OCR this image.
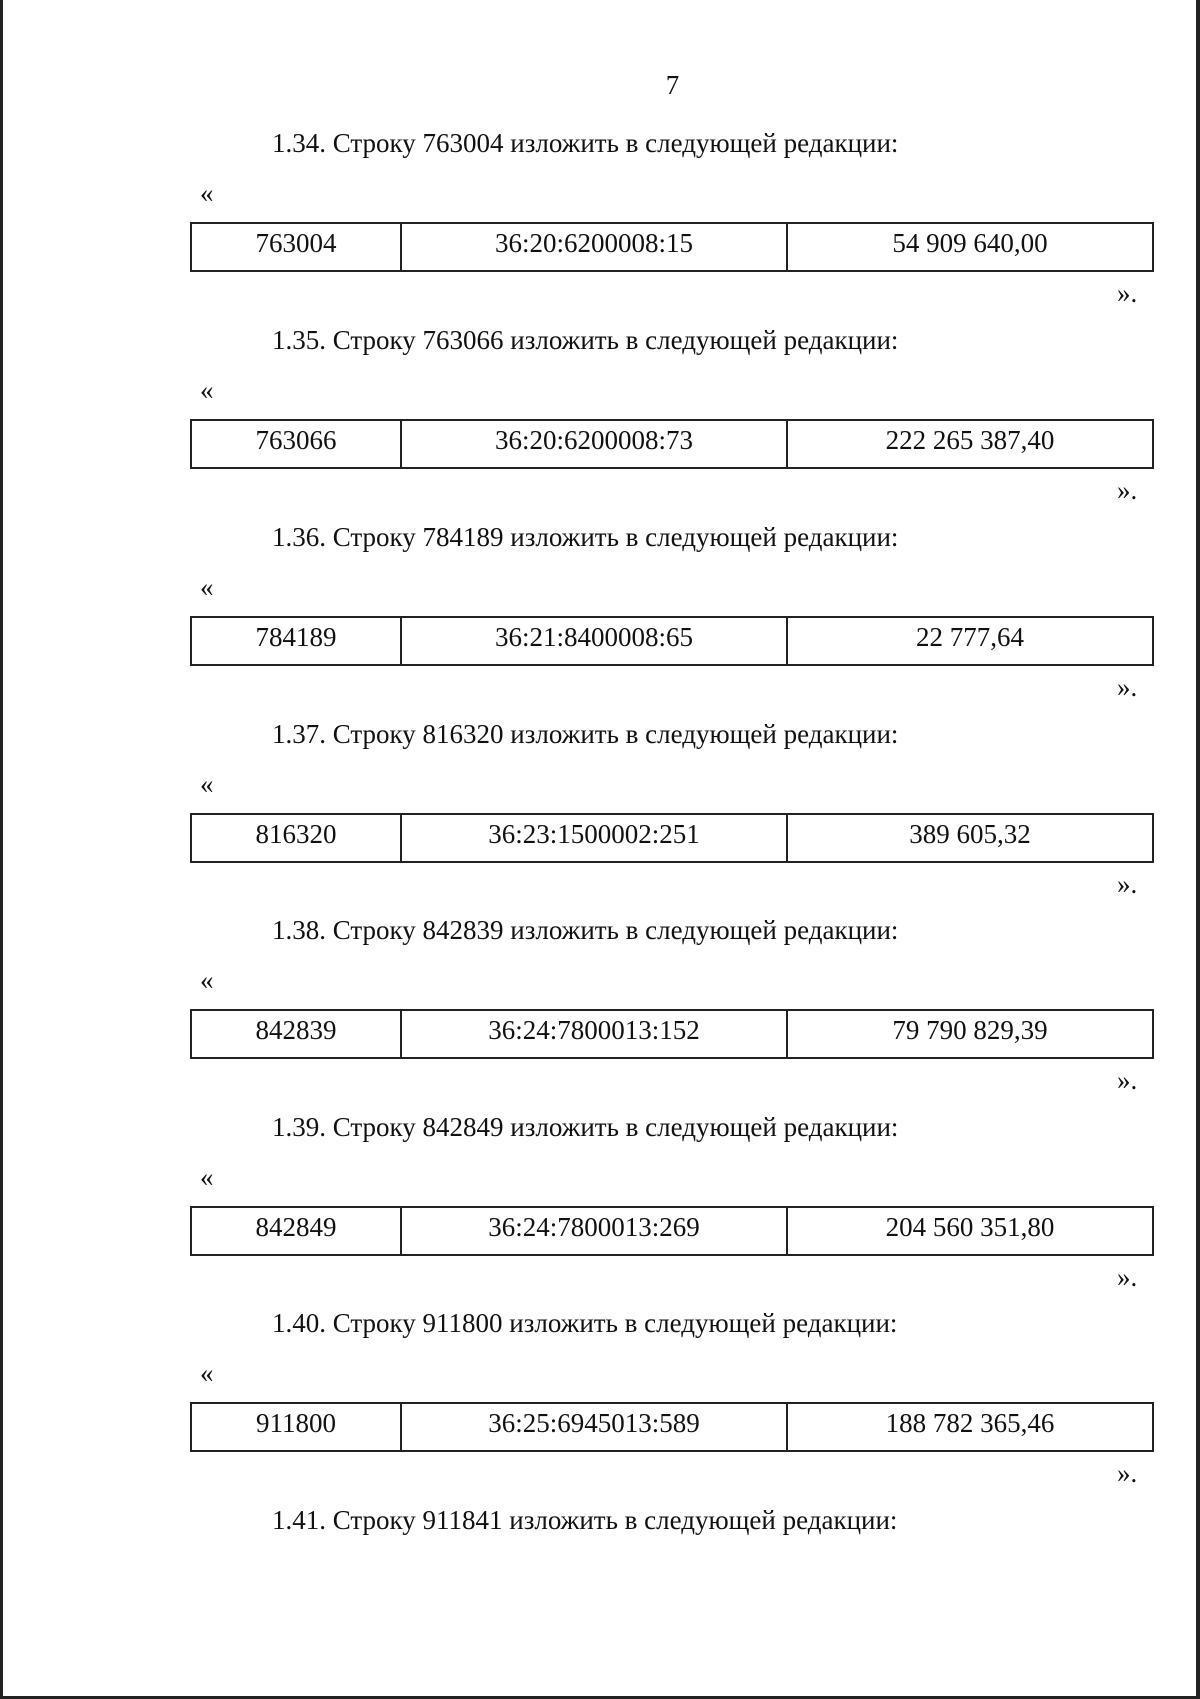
7
1.34. Строку 763004 изложить в следующей редакции:
«
763004	36:20:6200008:15	54 909 640,00
».
1.35. Строку 763066 изложить в следующей редакции:
«
763066	36:20:6200008:73	222 265 387,40
».
1.36. Строку 784189 изложить в следующей редакции:
«
784189	36:21:8400008:65	22 777,64
».
1.37. Строку 816320 изложить в следующей редакции:
«
816320	36:23:1500002:251	389 605,32
».
1.38. Строку 842839 изложить в следующей редакции:
«
842839	36:24:7800013:152	79 790 829,39
».
1.39. Строку 842849 изложить в следующей редакции:
«
842849	36:24:7800013:269	204 560 351,80
».
1.40. Строку 911800 изложить в следующей редакции:
«
911800	36:25:6945013:589	188 782 365,46
».
1.41. Строку 911841 изложить в следующей редакции:
